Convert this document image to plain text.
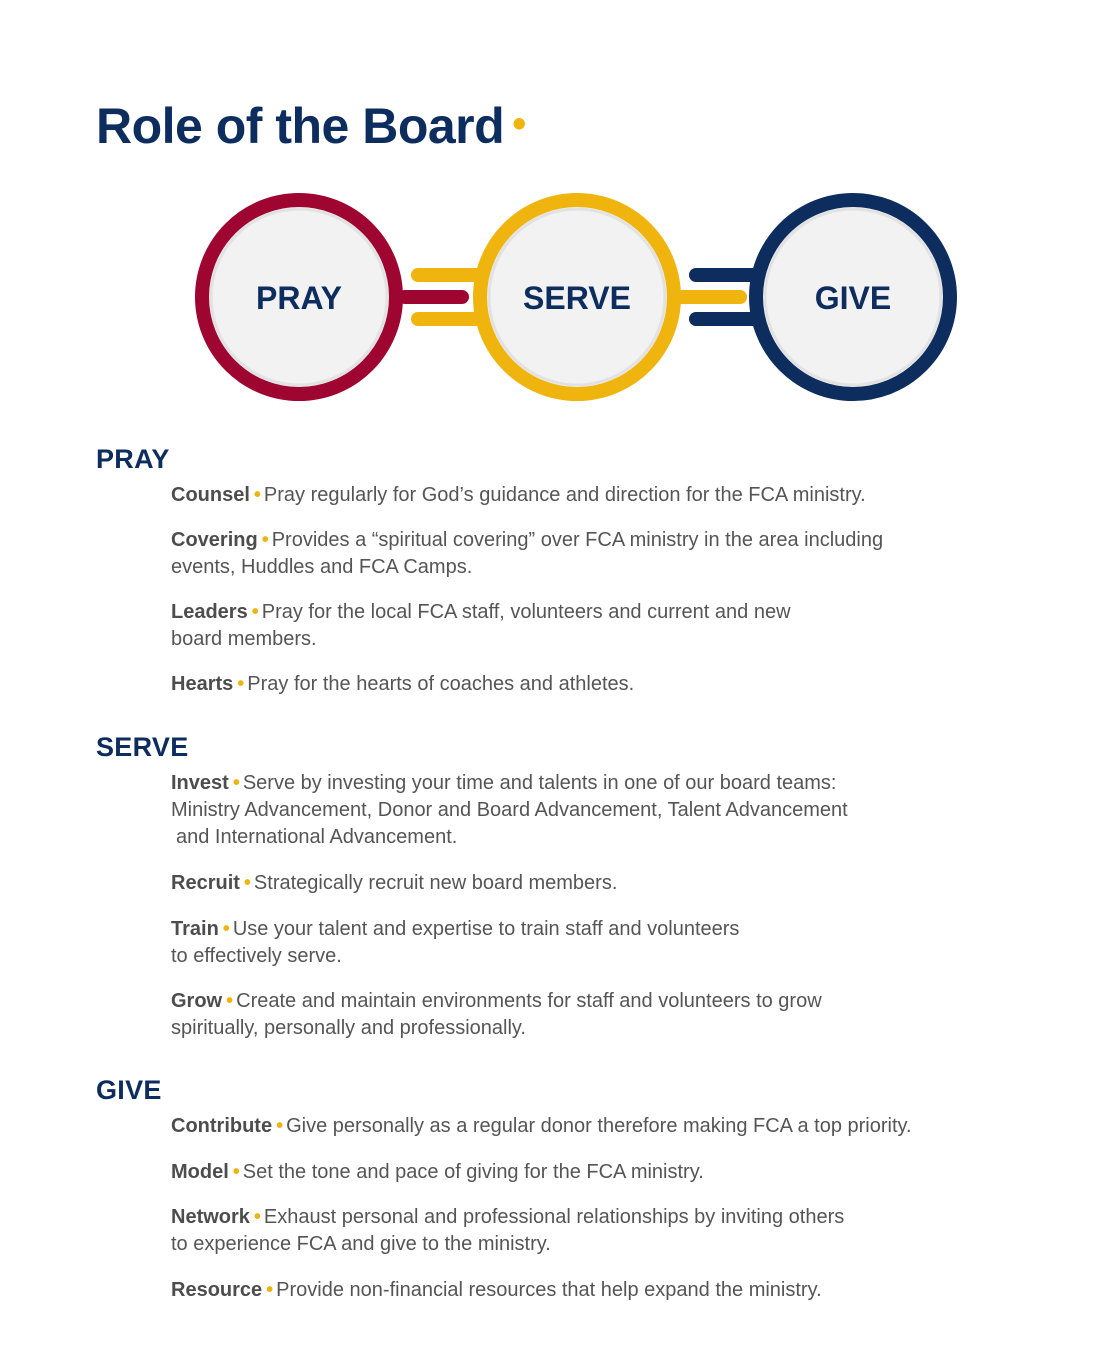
Role of the Board •
PRAY	SERVE	GIVE
PRAY
Counsel • Pray regularly for God’s guidance and direction for the FCA ministry.
Covering • Provides a “spiritual covering” over FCA ministry in the area including
events, Huddles and FCA Camps.
Leaders • Pray for the local FCA staff, volunteers and current and new
board members.
Hearts • Pray for the hearts of coaches and athletes.
SERVE
Invest • Serve by investing your time and talents in one of our board teams:
Ministry Advancement, Donor and Board Advancement, Talent Advancement
and International Advancement.
Recruit • Strategically recruit new board members.
Train • Use your talent and expertise to train staff and volunteers
to effectively serve.
Grow • Create and maintain environments for staff and volunteers to grow
spiritually, personally and professionally.
GIVE
Contribute • Give personally as a regular donor therefore making FCA a top priority.
Model • Set the tone and pace of giving for the FCA ministry.
Network • Exhaust personal and professional relationships by inviting others
to experience FCA and give to the ministry.
Resource • Provide non-financial resources that help expand the ministry.
